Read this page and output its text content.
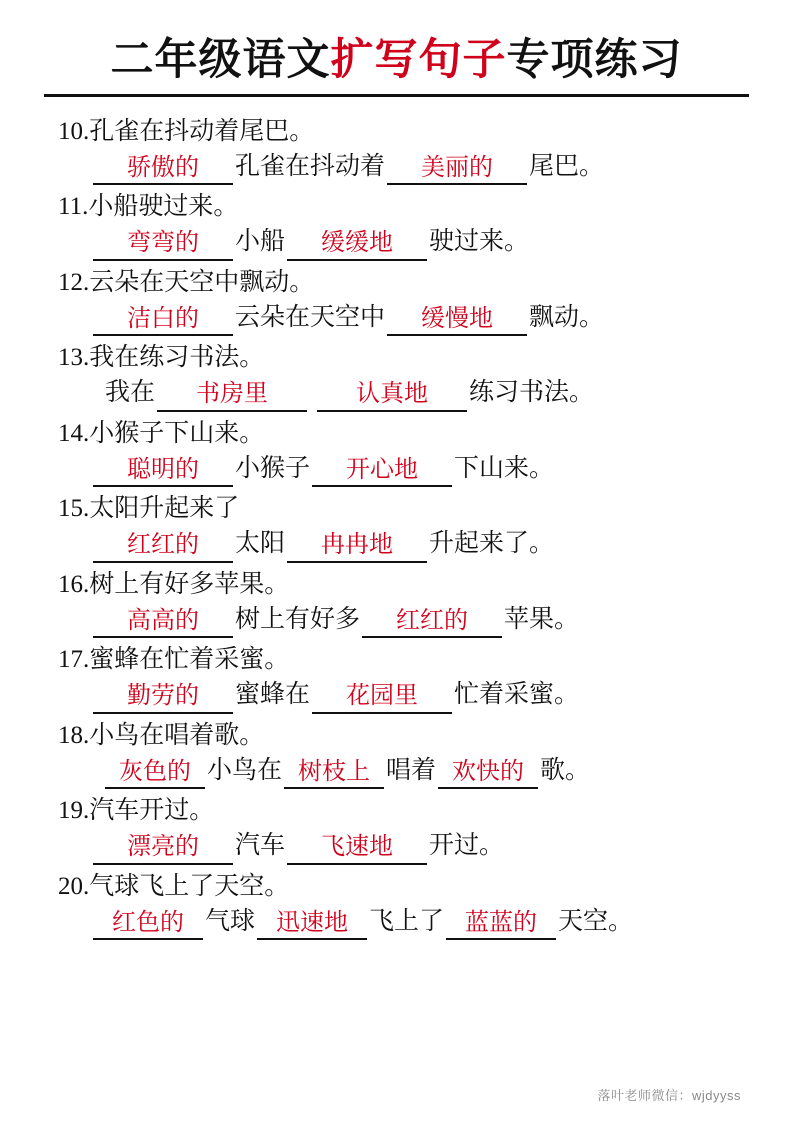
二年级语文扩写句子专项练习
10.孔雀在抖动着尾巴。
骄傲的	孔雀在抖动着	美丽的	尾巴。
11.小船驶过来。
弯弯的	小船	缓缓地	驶过来。
12.云朵在天空中飘动。
洁白的	云朵在天空中	缓慢地	飘动。
13.我在练习书法。
我在	书房里	认真地	练习书法。
14.小猴子下山来。
聪明的	小猴子	开心地	下山来。
15.太阳升起来了
红红的	太阳	冉冉地	升起来了。
16.树上有好多苹果。
高高的	树上有好多	红红的	苹果。
17.蜜蜂在忙着采蜜。
勤劳的	蜜蜂在	花园里	忙着采蜜。
18.小鸟在唱着歌。
灰色的 小鸟在 树枝上 唱着 欢快的 歌。
19.汽车开过。
漂亮的	汽车	飞速地	开过。
20.气球飞上了天空。
红色的 气球 迅速地 飞上了 蓝蓝的 天空。
落叶老师微信：wjdyyss
